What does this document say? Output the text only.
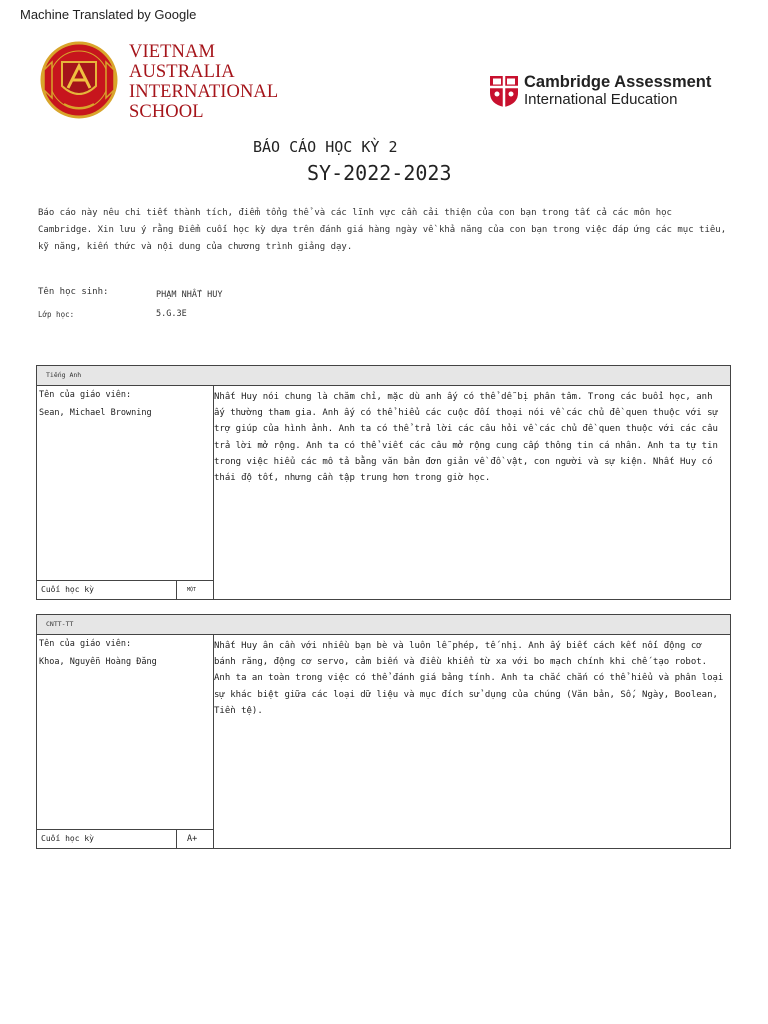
Machine Translated by Google
VIETNAM
AUSTRALIA
INTERNATIONAL
SCHOOL
Cambridge Assessment
International Education
BÁO CÁO HỌC KỲ 2
SY-2022-2023
Báo cáo này nêu chi tiết thành tích, điểm tổng thể và các lĩnh vực cần cải thiện của con bạn trong tất cả các môn học Cambridge. Xin lưu ý rằng Điểm cuối học kỳ dựa trên đánh giá hàng ngày về khả năng của con bạn trong việc đáp ứng các mục tiêu, kỹ năng, kiến thức và nội dung của chương trình giảng dạy.
Tên học sinh:	PHẠM NHẤT HUY
Lớp học:	5.G.3E
Tiếng Anh
Tên của giáo viên:
Sean, Michael Browning
Cuối học kỳ	MỘT
Nhất Huy nói chung là chăm chỉ, mặc dù anh ấy có thể dễ bị phân tâm. Trong các buổi học, anh ấy thường tham gia. Anh ấy có thể hiểu các cuộc đối thoại nói về các chủ đề quen thuộc với sự trợ giúp của hình ảnh. Anh ta có thể trả lời các câu hỏi về các chủ đề quen thuộc với các câu trả lời mở rộng. Anh ta có thể viết các câu mở rộng cung cấp thông tin cá nhân. Anh ta tự tin trong việc hiểu các mô tả bằng văn bản đơn giản về đồ vật, con người và sự kiện. Nhất Huy có thái độ tốt, nhưng cần tập trung hơn trong giờ học.
CNTT-TT
Tên của giáo viên:
Khoa, Nguyễn Hoàng Đăng
Cuối học kỳ	A+
Nhất Huy ân cần với nhiều bạn bè và luôn lễ phép, tế nhị. Anh ấy biết cách kết nối động cơ bánh răng, động cơ servo, cảm biến và điều khiển từ xa với bo mạch chính khi chế tạo robot. Anh ta an toàn trong việc có thể đánh giá bảng tính. Anh ta chắc chắn có thể hiểu và phân loại sự khác biệt giữa các loại dữ liệu và mục đích sử dụng của chúng (Văn bản, Số, Ngày, Boolean, Tiền tệ).
